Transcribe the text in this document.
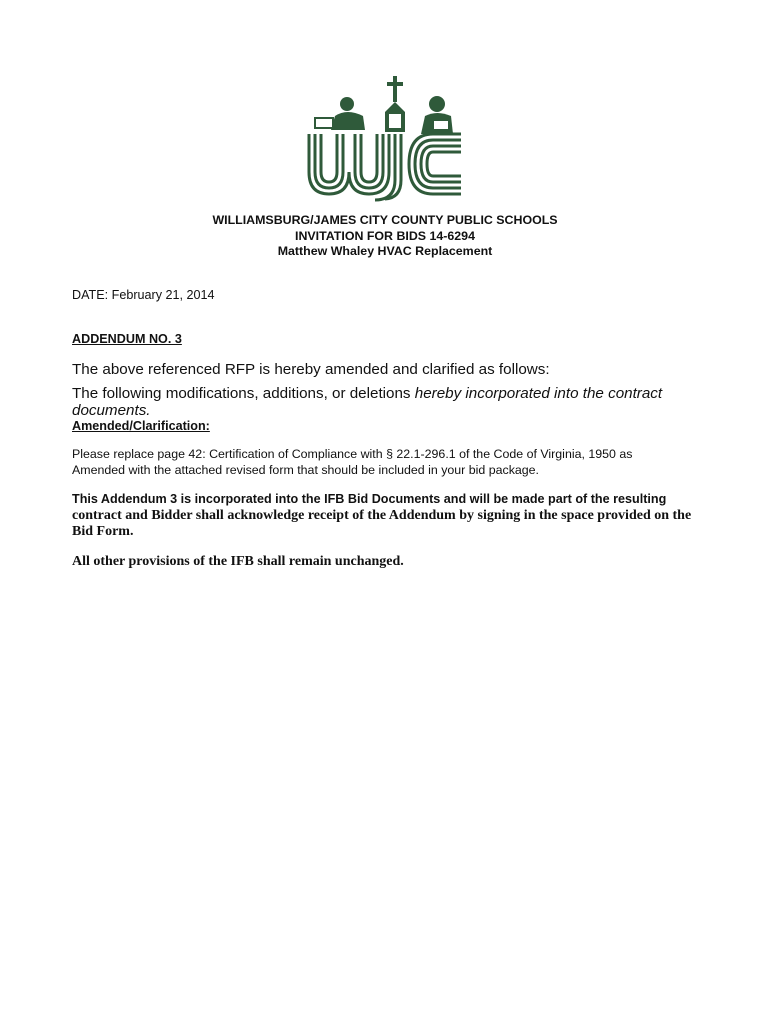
WILLIAMSBURG/JAMES CITY COUNTY PUBLIC SCHOOLS
INVITATION FOR BIDS 14-6294
Matthew Whaley HVAC Replacement
DATE: February 21, 2014
ADDENDUM NO. 3
The above referenced RFP is hereby amended and clarified as follows:
The following modifications, additions, or deletions hereby incorporated into the contract documents.
Amended/Clarification:
Please replace page 42: Certification of Compliance with § 22.1-296.1 of the Code of Virginia, 1950 as
Amended with the attached revised form that should be included in your bid package.
This Addendum 3 is incorporated into the IFB Bid Documents and will be made part of the resulting
contract and Bidder shall acknowledge receipt of the Addendum by signing in the space provided on the
Bid Form.
All other provisions of the IFB shall remain unchanged.
